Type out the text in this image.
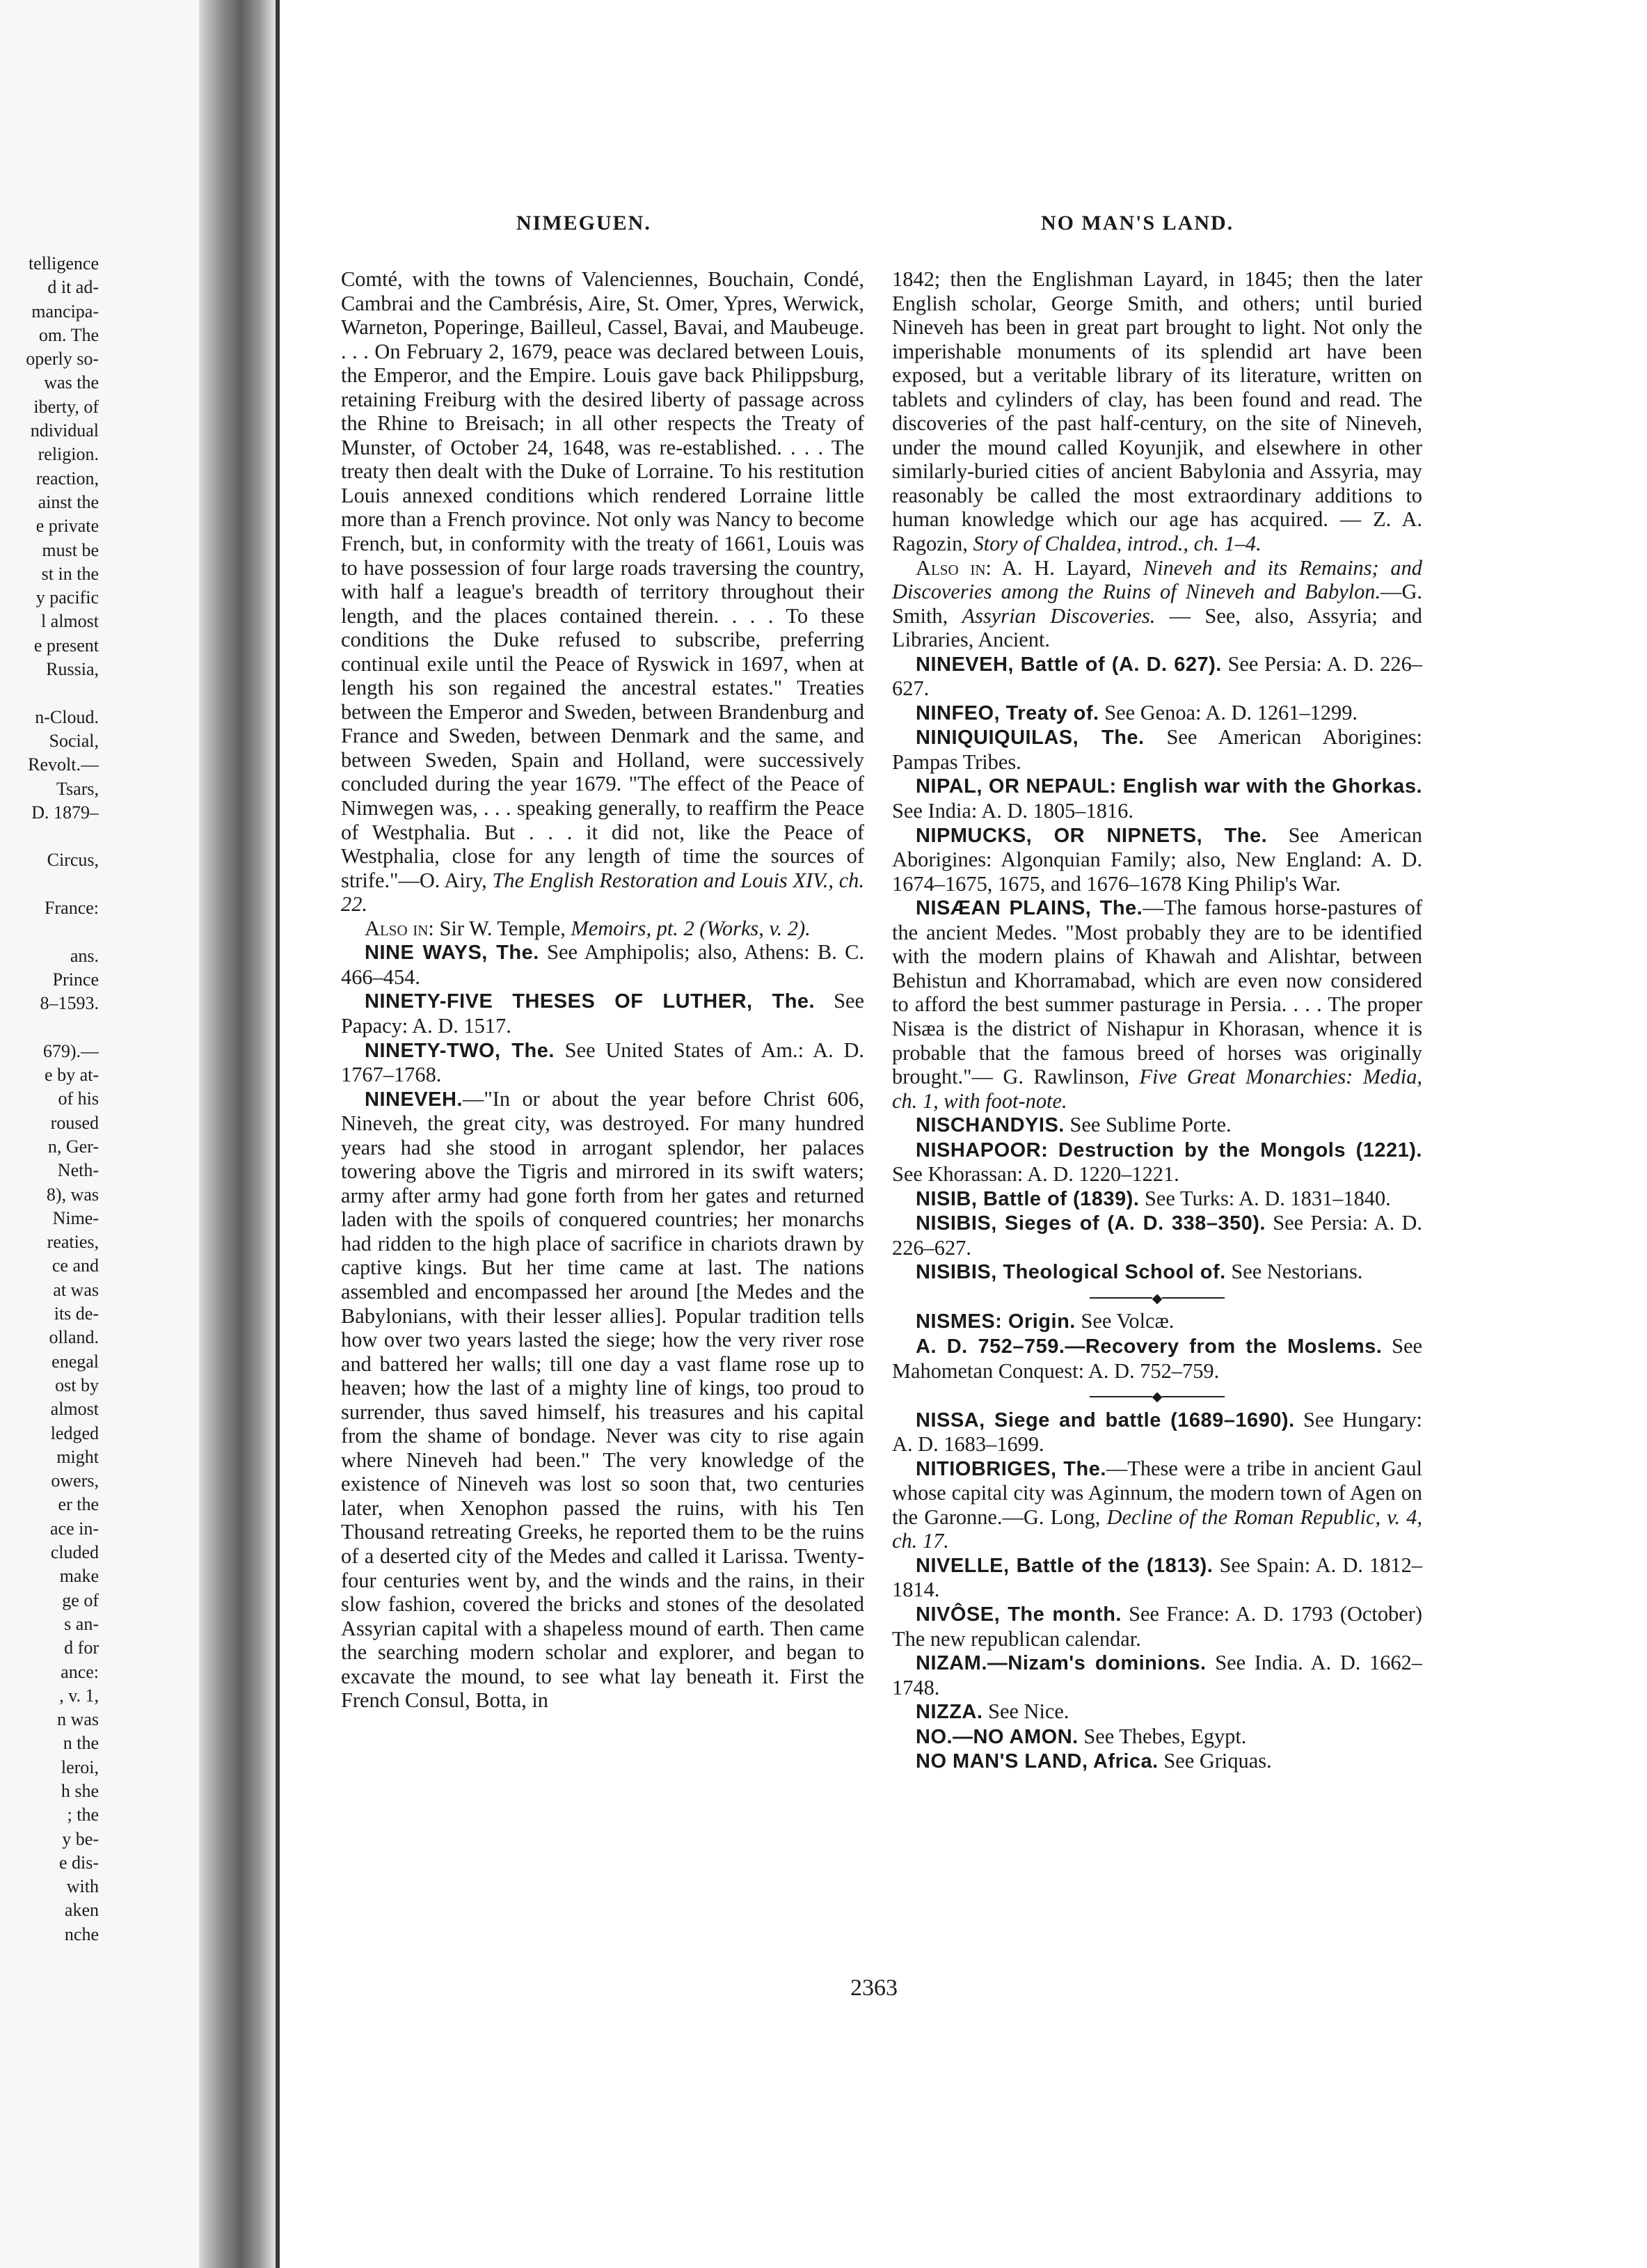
telligence
d it ad-
mancipa-
om. The
operly so-
was the
iberty, of
ndividual
religion.
reaction,
ainst the
e private
must be
st in the
y pacific
l almost
e present
Russia,

n-Cloud.
Social,
Revolt.—
Tsars,
D. 1879–

Circus,

France:

ans.
Prince
8–1593.

679).—
e by at-
of his
roused
n, Ger-
Neth-
8), was
Nime-
reaties,
ce and
at was
its de-
olland.
enegal
ost by
almost
ledged
might
owers,
er the
ace in-
cluded
make
ge of
s an-
d for
ance:
, v. 1,
n was
n the
leroi,
h she
; the
y be-
e dis-
with
aken
nche
NIMEGUEN.	NO MAN'S LAND.

Comté, with the towns of Valenciennes, Bouchain, Condé, Cambrai and the Cambrésis, Aire, St. Omer, Ypres, Werwick, Warneton, Poperinge, Bailleul, Cassel, Bavai, and Maubeuge. . . . On February 2, 1679, peace was declared between Louis, the Emperor, and the Empire. Louis gave back Philippsburg, retaining Freiburg with the desired liberty of passage across the Rhine to Breisach; in all other respects the Treaty of Munster, of October 24, 1648, was re-established. . . . The treaty then dealt with the Duke of Lorraine. To his restitution Louis annexed conditions which rendered Lorraine little more than a French province. Not only was Nancy to become French, but, in conformity with the treaty of 1661, Louis was to have possession of four large roads traversing the country, with half a league's breadth of territory throughout their length, and the places contained therein. . . . To these conditions the Duke refused to subscribe, preferring continual exile until the Peace of Ryswick in 1697, when at length his son regained the ancestral estates." Treaties between the Emperor and Sweden, between Brandenburg and France and Sweden, between Denmark and the same, and between Sweden, Spain and Holland, were successively concluded during the year 1679. "The effect of the Peace of Nimwegen was, . . . speaking generally, to reaffirm the Peace of Westphalia. But . . . it did not, like the Peace of Westphalia, close for any length of time the sources of strife."—O. Airy, The English Restoration and Louis XIV., ch. 22.

Also in: Sir W. Temple, Memoirs, pt. 2 (Works, v. 2).

NINE WAYS, The. See Amphipolis; also, Athens: B. C. 466–454.

NINETY-FIVE THESES OF LUTHER, The. See Papacy: A. D. 1517.

NINETY-TWO, The. See United States of Am.: A. D. 1767–1768.

NINEVEH.—"In or about the year before Christ 606, Nineveh, the great city, was destroyed. For many hundred years had she stood in arrogant splendor, her palaces towering above the Tigris and mirrored in its swift waters; army after army had gone forth from her gates and returned laden with the spoils of conquered countries; her monarchs had ridden to the high place of sacrifice in chariots drawn by captive kings. But her time came at last. The nations assembled and encompassed her around [the Medes and the Babylonians, with their lesser allies]. Popular tradition tells how over two years lasted the siege; how the very river rose and battered her walls; till one day a vast flame rose up to heaven; how the last of a mighty line of kings, too proud to surrender, thus saved himself, his treasures and his capital from the shame of bondage. Never was city to rise again where Nineveh had been." The very knowledge of the existence of Nineveh was lost so soon that, two centuries later, when Xenophon passed the ruins, with his Ten Thousand retreating Greeks, he reported them to be the ruins of a deserted city of the Medes and called it Larissa. Twenty-four centuries went by, and the winds and the rains, in their slow fashion, covered the bricks and stones of the desolated Assyrian capital with a shapeless mound of earth. Then came the searching modern scholar and explorer, and began to excavate the mound, to see what lay beneath it. First the French Consul, Botta, in

1842; then the Englishman Layard, in 1845; then the later English scholar, George Smith, and others; until buried Nineveh has been in great part brought to light. Not only the imperishable monuments of its splendid art have been exposed, but a veritable library of its literature, written on tablets and cylinders of clay, has been found and read. The discoveries of the past half-century, on the site of Nineveh, under the mound called Koyunjik, and elsewhere in other similarly-buried cities of ancient Babylonia and Assyria, may reasonably be called the most extraordinary additions to human knowledge which our age has acquired. — Z. A. Ragozin, Story of Chaldea, introd., ch. 1–4.

Also in: A. H. Layard, Nineveh and its Remains; and Discoveries among the Ruins of Nineveh and Babylon.—G. Smith, Assyrian Discoveries. — See, also, Assyria; and Libraries, Ancient.

NINEVEH, Battle of (A. D. 627). See Persia: A. D. 226–627.

NINFEO, Treaty of. See Genoa: A. D. 1261–1299.

NINIQUIQUILAS, The. See American Aborigines: Pampas Tribes.

NIPAL, OR NEPAUL: English war with the Ghorkas. See India: A. D. 1805–1816.

NIPMUCKS, OR NIPNETS, The. See American Aborigines: Algonquian Family; also, New England: A. D. 1674–1675, 1675, and 1676–1678 King Philip's War.

NISÆAN PLAINS, The.—The famous horse-pastures of the ancient Medes. "Most probably they are to be identified with the modern plains of Khawah and Alishtar, between Behistun and Khorramabad, which are even now considered to afford the best summer pasturage in Persia. . . . The proper Nisæa is the district of Nishapur in Khorasan, whence it is probable that the famous breed of horses was originally brought."— G. Rawlinson, Five Great Monarchies: Media, ch. 1, with foot-note.

NISCHANDYIS. See Sublime Porte.

NISHAPOOR: Destruction by the Mongols (1221). See Khorassan: A. D. 1220–1221.

NISIB, Battle of (1839). See Turks: A. D. 1831–1840.

NISIBIS, Sieges of (A. D. 338–350). See Persia: A. D. 226–627.

NISIBIS, Theological School of. See Nestorians.

◆

NISMES: Origin. See Volcæ.

A. D. 752–759.—Recovery from the Moslems. See Mahometan Conquest: A. D. 752–759.

◆

NISSA, Siege and battle (1689–1690). See Hungary: A. D. 1683–1699.

NITIOBRIGES, The.—These were a tribe in ancient Gaul whose capital city was Aginnum, the modern town of Agen on the Garonne.—G. Long, Decline of the Roman Republic, v. 4, ch. 17.

NIVELLE, Battle of the (1813). See Spain: A. D. 1812–1814.

NIVÔSE, The month. See France: A. D. 1793 (October) The new republican calendar.

NIZAM.—Nizam's dominions. See India. A. D. 1662–1748.

NIZZA. See Nice.

NO.—NO AMON. See Thebes, Egypt.

NO MAN'S LAND, Africa. See Griquas.

2363
